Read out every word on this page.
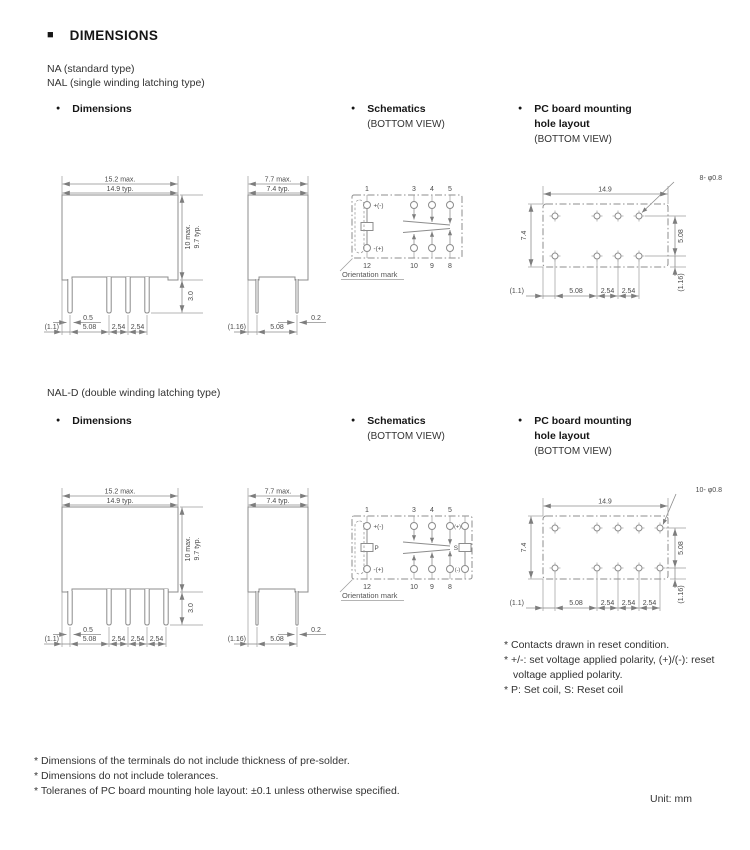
■ DIMENSIONS
NA (standard type)
NAL (single winding latching type)
● Dimensions	● Schematics
(BOTTOM VIEW)
● PC board mounting
hole layout
(BOTTOM VIEW)
15.2 max.
14.9 typ.
10 max. 9.7 typ.
3.0
0.5
(1.1)	5.08 2.54 2.54
7.7 max.
7.4 typ.
0.2
(1.16)	5.08
1	3 4 5
12	10 9 8
+(-)
-(+)
Orientation mark
8- φ0.8
14.9
7.4	5.08
(1.16)
(1.1)	5.08	2.54 2.54
NAL-D (double winding latching type)
● Dimensions	● Schematics
(BOTTOM VIEW)
● PC board mounting
hole layout
(BOTTOM VIEW)
15.2 max.
14.9 typ.
10 max. 9.7 typ.
3.0
0.5
(1.1)	5.08 2.54 2.54 2.54
7.7 max.
7.4 typ.
0.2
(1.16)	5.08
1	3 4 5
12	10 9 8
+(-)
-(+)
P	S
(+)
(-)
Orientation mark
10- φ0.8
14.9
7.4	5.08
(1.16)
(1.1)	5.08	2.54 2.54 2.54
* Contacts drawn in reset condition.
* +/-: set voltage applied polarity, (+)/(-): reset voltage applied polarity.
* P: Set coil, S: Reset coil
* Dimensions of the terminals do not include thickness of pre-solder.
* Dimensions do not include tolerances.
* Toleranes of PC board mounting hole layout: ±0.1 unless otherwise specified.
Unit: mm
